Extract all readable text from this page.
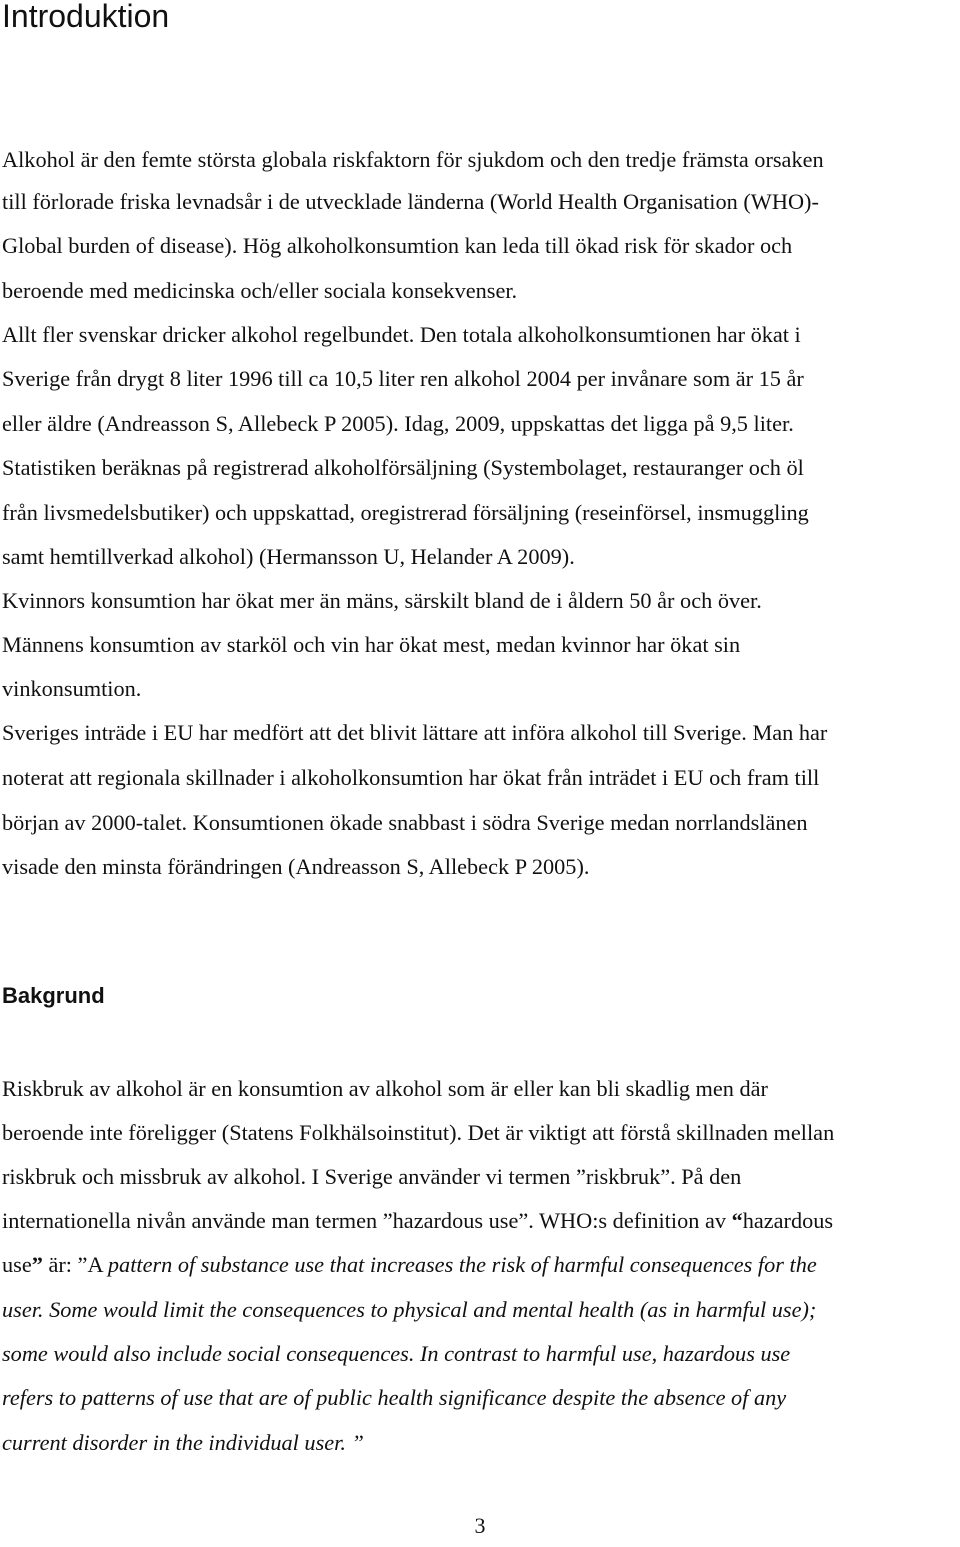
Introduktion
Alkohol är den femte största globala riskfaktorn för sjukdom och den tredje främsta orsaken
till förlorade friska levnadsår i de utvecklade länderna (World Health Organisation (WHO)-
Global burden of disease). Hög alkoholkonsumtion kan leda till ökad risk för skador och
beroende med medicinska och/eller sociala konsekvenser.
Allt fler svenskar dricker alkohol regelbundet. Den totala alkoholkonsumtionen har ökat i
Sverige från drygt 8 liter 1996 till ca 10,5 liter ren alkohol 2004 per invånare som är 15 år
eller äldre (Andreasson S, Allebeck P 2005). Idag, 2009, uppskattas det ligga på 9,5 liter.
Statistiken beräknas på registrerad alkoholförsäljning (Systembolaget, restauranger och öl
från livsmedelsbutiker) och uppskattad, oregistrerad försäljning (reseinförsel, insmuggling
samt hemtillverkad alkohol) (Hermansson U, Helander A 2009).
Kvinnors konsumtion har ökat mer än mäns, särskilt bland de i åldern 50 år och över.
Männens konsumtion av starköl och vin har ökat mest, medan kvinnor har ökat sin
vinkonsumtion.
Sveriges inträde i EU har medfört att det blivit lättare att införa alkohol till Sverige. Man har
noterat att regionala skillnader i alkoholkonsumtion har ökat från inträdet i EU och fram till
början av 2000-talet. Konsumtionen ökade snabbast i södra Sverige medan norrlandslänen
visade den minsta förändringen (Andreasson S, Allebeck P 2005).
Bakgrund
Riskbruk av alkohol är en konsumtion av alkohol som är eller kan bli skadlig men där
beroende inte föreligger (Statens Folkhälsoinstitut). Det är viktigt att förstå skillnaden mellan
riskbruk och missbruk av alkohol. I Sverige använder vi termen ”riskbruk”. På den
internationella nivån använde man termen ”hazardous use”. WHO:s definition av “hazardous
use” är: ”A pattern of substance use that increases the risk of harmful consequences for the
user. Some would limit the consequences to physical and mental health (as in harmful use);
some would also include social consequences. In contrast to harmful use, hazardous use
refers to patterns of use that are of public health significance despite the absence of any
current disorder in the individual user. ”
3
